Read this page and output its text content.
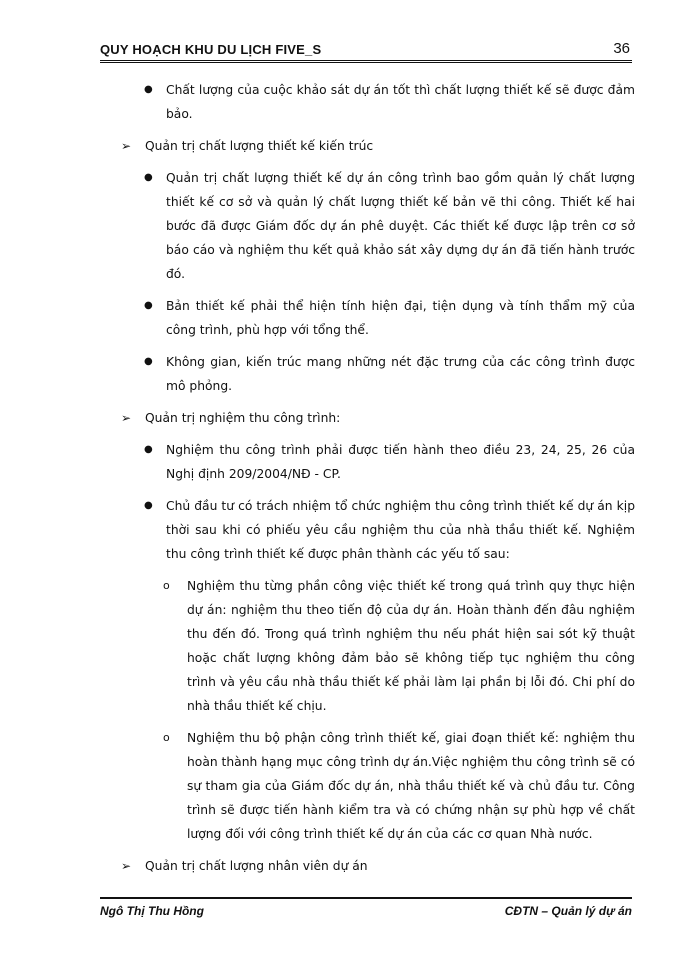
QUY HOẠCH KHU DU LỊCH FIVE_S	36
● Chất lượng của cuộc khảo sát dự án tốt thì chất lượng thiết kế sẽ được đảm bảo.
➢	Quản trị chất lượng thiết kế kiến trúc
● Quản trị chất lượng thiết kế dự án công trình bao gồm quản lý chất lượng thiết kế cơ sở và quản lý chất lượng thiết kế bản vẽ thi công. Thiết kế hai bước đã được Giám đốc dự án phê duyệt. Các thiết kế được lập trên cơ sở báo cáo và nghiệm thu kết quả khảo sát xây dựng dự án đã tiến hành trước đó.
● Bản thiết kế phải thể hiện tính hiện đại, tiện dụng và tính thẩm mỹ của công trình, phù hợp với tổng thể.
● Không gian, kiến trúc mang những nét đặc trưng của các công trình được mô phỏng.
➢	Quản trị nghiệm thu công trình:
● Nghiệm thu công trình phải được tiến hành theo điều 23, 24, 25, 26 của Nghị định 209/2004/NĐ - CP.
● Chủ đầu tư có trách nhiệm tổ chức nghiệm thu công trình thiết kế dự án kịp thời sau khi có phiếu yêu cầu nghiệm thu của nhà thầu thiết kế. Nghiệm thu công trình thiết kế được phân thành các yếu tố sau:
o	Nghiệm thu từng phần công việc thiết kế trong quá trình quy thực hiện dự án: nghiệm thu theo tiến độ của dự án. Hoàn thành đến đâu nghiệm thu đến đó. Trong quá trình nghiệm thu nếu phát hiện sai sót kỹ thuật hoặc chất lượng không đảm bảo sẽ không tiếp tục nghiệm thu công trình và yêu cầu nhà thầu thiết kế phải làm lại phần bị lỗi đó. Chi phí do nhà thầu thiết kế chịu.
o	Nghiệm thu bộ phận công trình thiết kế, giai đoạn thiết kế: nghiệm thu hoàn thành hạng mục công trình dự án.Việc nghiệm thu công trình sẽ có sự tham gia của Giám đốc dự án, nhà thầu thiết kế và chủ đầu tư. Công trình sẽ được tiến hành kiểm tra và có chứng nhận sự phù hợp về chất lượng đối với công trình thiết kế dự án của các cơ quan Nhà nước.
➢	Quản trị chất lượng nhân viên dự án
Ngô Thị Thu Hồng	CĐTN – Quản lý dự án
